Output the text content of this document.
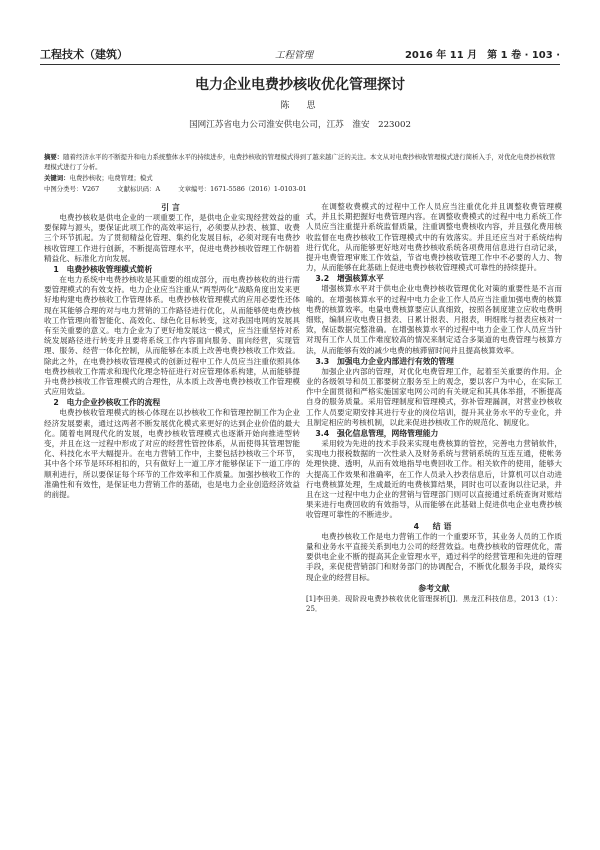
工程技术（建筑）	工程管理	2016 年 11 月　第 1 卷 · 103 ·
电力企业电费抄核收优化管理探讨
陈　思
国网江苏省电力公司淮安供电公司，江苏　淮安　223002
摘要：随着经济水平的不断提升和电力系统整体水平的持续进步，电费抄核收的管理模式得到了越来越广泛的关注。本文从对电费抄核收管理模式进行简析入手，对优化电费抄核收管理模式进行了分析。
关键词：电费抄核收；电费管理；模式
中图分类号：V267	文献标识码：A	文章编号：1671-5586（2016）1-0103-01
引言

电费抄核收是供电企业的一项重要工作，是供电企业实现经营效益的重要保障与源头，要保证此项工作的高效率运行，必须要从抄表、核算、收费三个环节抓起。为了贯彻精益化管理、集约化发展目标，必须对现有电费抄核收管理工作进行创新，不断提高管理水平，促进电费抄核收管理工作朝着精益化、标准化方向发展。

1　电费抄核收管理模式简析

在电力系统中电费抄核收是其重要的组成部分，而电费抄核收的进行需要管理模式的有效支持。电力企业应当注重从“两型两化”战略角度出发来更好地构建电费抄核收工作管理体系。电费抄核收管理模式的应用必要性还体现在其能够合理的对与电力营销的工作路径进行优化，从而能够使电费抄核收工作管理向着智能化、高效化、绿色化目标转变，这对我国电网的发展具有至关重要的意义。电力企业为了更好地发展这一模式，应当注重坚持对系统发展路径进行转变并且要将系统工作内容面向服务、面向经营，实现管理、服务、经营一体化控制，从而能够在本质上改善电费抄核收工作效益。除此之外，在电费抄核收管理模式的创新过程中工作人员应当注重依照具体电费抄核收工作需求和现代化理念特征进行对应管理体系构建，从而能够提升电费抄核收工作管理模式的合理性，从本质上改善电费抄核收工作管理模式应用效益。

2　电力企业抄核收工作的流程

电费抄核收管理模式的核心体现在以抄核收工作和管理控制工作为企业经济发展要素，通过这两者不断发展优化模式来更好的达到企业价值的最大化。随着电网现代化的发展，电费抄核收管理模式也逐渐开始向推进型转变，并且在这一过程中形成了对应的经营性管控体系，从而使得其管理智能化、科技化水平大幅提升。在电力营销工作中，主要包括抄核收三个环节，其中各个环节是环环相扣的，只有做好上一道工序才能够保证下一道工序的顺利进行，所以要保证每个环节的工作效率和工作质量。加强抄核收工作的准确性和有效性，是保证电力营销工作的基础，也是电力企业创造经济效益的前提。

在调整收费模式的过程中工作人员应当注重优化并且调整收费管理模式，并且长期把握好电费管理内容。在调整收费模式的过程中电力系统工作人员应当注重提升系统监督质量，注重调整电费核收内容，并且强化费用核收监督在电费抄核收工作管理模式中的有效落实。并且还应当对于系统结构进行优化，从而能够更好地对电费抄核收系统各项费用信息进行自动记录，提升电费管理审账工作效益，节省电费抄核收管理工作中不必要的人力、物力，从而能够在此基础上促进电费抄核收管理模式可靠性的持续提升。

3.2　增强核算水平

增强核算水平对于供电企业电费抄核收管理优化对策的重要性是不言而喻的。在增强核算水平的过程中电力企业工作人员应当注重加强电费的核算电费的核算效率。电量电费核算要应认真细致，按照各制度建立应收电费明细账，编制应收电费日报表、日累计报表、月报表，明细账与报表应核对一致，保证数据完整准确。在增强核算水平的过程中电力企业工作人员应当针对现有工作人员工作难度较高的情况来制定适合多渠道的电费管理与核算方法，从而能够有效的减少电费的核滞留时间并且提高核算效率。

3.3　加强电力企业内部进行有效的管理

加强企业内部的管理，对优化电费管理工作，起着至关重要的作用。企业的各级领导和员工都要树立服务至上的观念，要以客户为中心，在实际工作中全面贯彻和严格实施国家电网公司的有关规定和其具体举措，不断提高自身的服务质量。采用管理制度和管理模式，弥补管理漏洞，对营业抄核收工作人员要定期安排其进行专业的岗位培训，提升其业务水平的专业化，并且制定相应的考核机制，以此来促进抄核收工作的规范化、制度化。

3.4　强化信息管理，网络管理能力

采用较为先进的技术手段来实现电费核算的管控，完善电力营销软件，实现电力报税数据的一次性录入及财务系统与营销系统的互连互通，使帐务处理快捷、透明，从而有效地指导电费回收工作。相关软件的使用，能够大大提高工作效果和准确率，在工作人员录入抄表信息后，计算机可以自动进行电费核算处理，生成最近的电费核算结果，同时也可以查询以往记录，并且在这一过程中电力企业的营销与管理部门则可以直接通过系统查询对账结果来进行电费回收的有效指导，从而能够在此基础上促进供电企业电费抄核收管理可靠性的不断进步。

4　结语

电费抄核收工作是电力营销工作的一个重要环节，其业务人员的工作质量和业务水平直接关系到电力公司的经营效益。电费抄核收的管理优化，需要供电企业不断的提高其企业管理水平，通过科学的经营管理和先进的管理手段，来促使营销部门和财务部门的协调配合，不断优化服务手段，最终实现企业的经营目标。

参考文献

[1]李田美．现阶段电费抄核收优化管理探析[J]．黑龙江科技信息，2013（1）：25．
